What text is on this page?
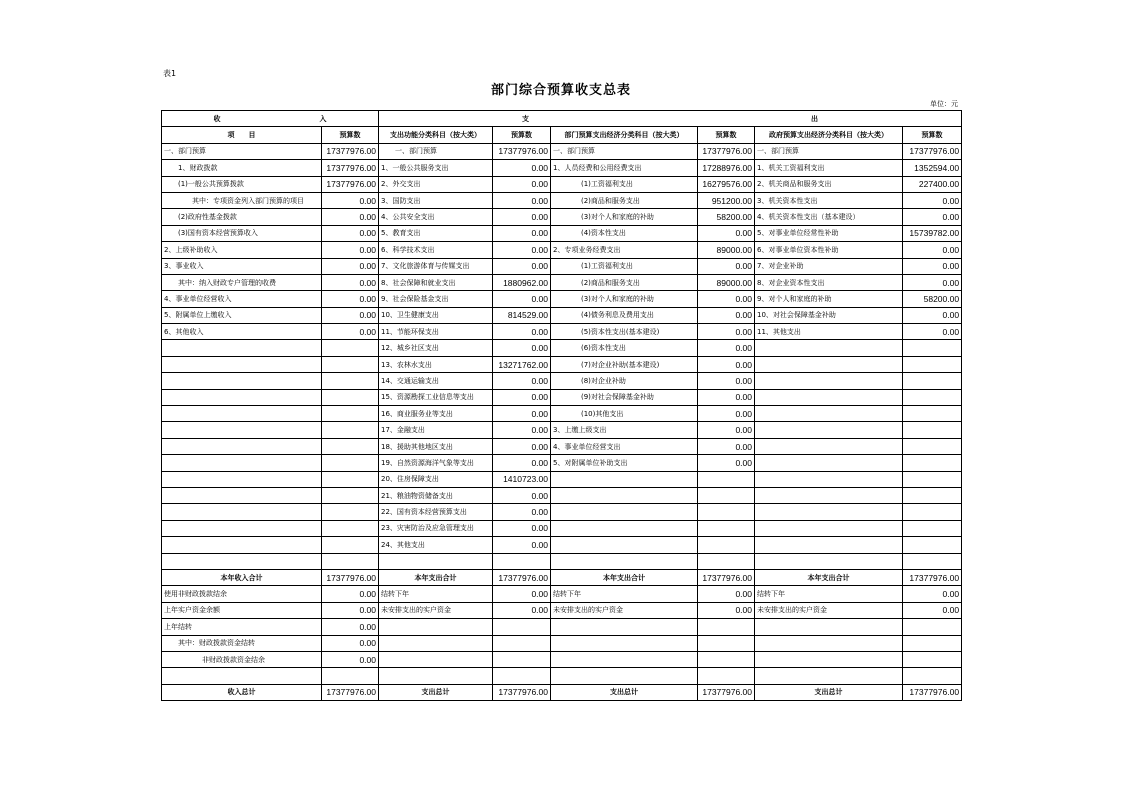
表1
部门综合预算收支总表
单位：元
收 入		支 出					

项　　目	预算数	支出功能分类科目（按大类）	预算数	部门预算支出经济分类科目（按大类）	预算数	政府预算支出经济分类科目（按大类）	预算数
一、部门预算	17377976.00	一、部门预算	17377976.00	一、部门预算	17377976.00	一、部门预算	17377976.00
1、财政拨款	17377976.00	1、一般公共服务支出	0.00	1、人员经费和公用经费支出	17288976.00	1、机关工资福利支出	1352594.00
(1)一般公共预算拨款	17377976.00	2、外交支出	0.00	(1)工资福利支出	16279576.00	2、机关商品和服务支出	227400.00
其中：专项资金列入部门预算的项目	0.00	3、国防支出	0.00	(2)商品和服务支出	951200.00	3、机关资本性支出	0.00
(2)政府性基金拨款	0.00	4、公共安全支出	0.00	(3)对个人和家庭的补助	58200.00	4、机关资本性支出（基本建设）	0.00
(3)国有资本经营预算收入	0.00	5、教育支出	0.00	(4)资本性支出	0.00	5、对事业单位经常性补助	15739782.00
2、上级补助收入	0.00	6、科学技术支出	0.00	2、专项业务经费支出	89000.00	6、对事业单位资本性补助	0.00
3、事业收入	0.00	7、文化旅游体育与传媒支出	0.00	(1)工资福利支出	0.00	7、对企业补助	0.00
其中：纳入财政专户管理的收费	0.00	8、社会保障和就业支出	1880962.00	(2)商品和服务支出	89000.00	8、对企业资本性支出	0.00
4、事业单位经营收入	0.00	9、社会保险基金支出	0.00	(3)对个人和家庭的补助	0.00	9、对个人和家庭的补助	58200.00
5、附属单位上缴收入	0.00	10、卫生健康支出	814529.00	(4)债务利息及费用支出	0.00	10、对社会保障基金补助	0.00
6、其他收入	0.00	11、节能环保支出	0.00	(5)资本性支出(基本建设)	0.00	11、其他支出	0.00
		12、城乡社区支出	0.00	(6)资本性支出	0.00		
		13、农林水支出	13271762.00	(7)对企业补助(基本建设)	0.00		
		14、交通运输支出	0.00	(8)对企业补助	0.00		
		15、资源勘探工业信息等支出	0.00	(9)对社会保障基金补助	0.00		
		16、商业服务业等支出	0.00	(10)其他支出	0.00		
		17、金融支出	0.00	3、上缴上级支出	0.00		
		18、援助其他地区支出	0.00	4、事业单位经营支出	0.00		
		19、自然资源海洋气象等支出	0.00	5、对附属单位补助支出	0.00		
		20、住房保障支出	1410723.00				
		21、粮油物资储备支出	0.00				
		22、国有资本经营预算支出	0.00				
		23、灾害防治及应急管理支出	0.00				
		24、其他支出	0.00				

本年收入合计	17377976.00	本年支出合计	17377976.00	本年支出合计	17377976.00	本年支出合计	17377976.00
使用非财政拨款结余	0.00	结转下年	0.00	结转下年	0.00	结转下年	0.00
上年实户资金余额	0.00	未安排支出的实户资金	0.00	未安排支出的实户资金	0.00	未安排支出的实户资金	0.00
上年结转	0.00						
其中：财政拨款资金结转	0.00						
非财政拨款资金结余	0.00						

收入总计	17377976.00	支出总计	17377976.00	支出总计	17377976.00	支出总计	17377976.00
